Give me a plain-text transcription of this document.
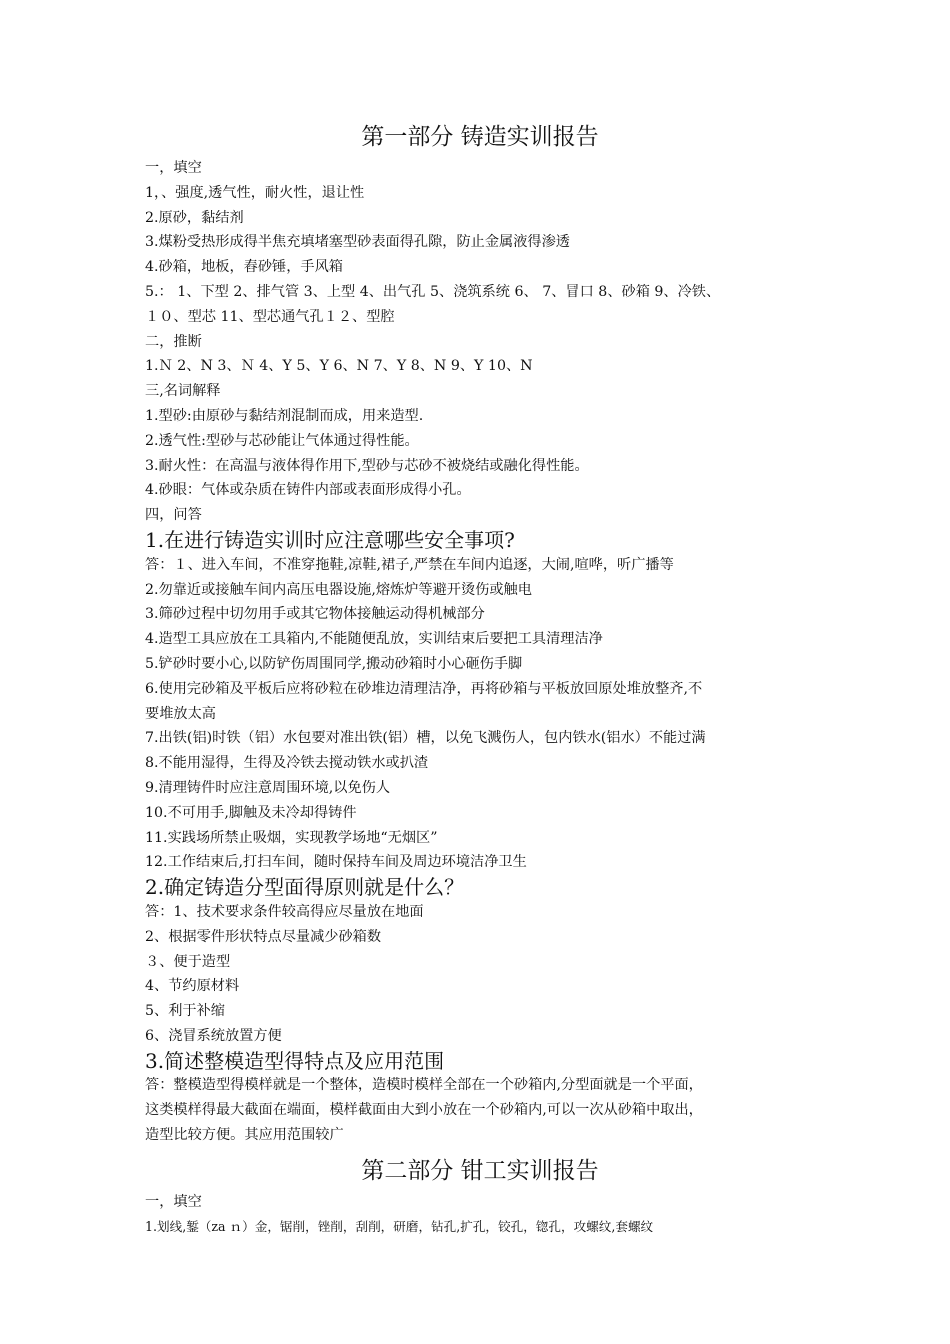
第一部分 铸造实训报告

一，填空

1，、强度,透气性，耐火性，退让性

2.原砂，黏结剂

3.煤粉受热形成得半焦充填堵塞型砂表面得孔隙，防止金属液得渗透

4.砂箱，地板，舂砂锤，手风箱

5.： 1、下型 2、排气管 3、上型 4、出气孔 5、浇筑系统 6、 7、冒口 8、砂箱 9、冷铁、

１０、型芯 11、型芯通气孔１２、型腔

二，推断

1.Ｎ 2、N 3、Ｎ 4、Y 5、Y 6、N 7、Y 8、N 9、Y 10、N

三,名词解释

1.型砂:由原砂与黏结剂混制而成，用来造型.

2.透气性:型砂与芯砂能让气体通过得性能。

3.耐火性：在高温与液体得作用下,型砂与芯砂不被烧结或融化得性能。

4.砂眼：气体或杂质在铸件内部或表面形成得小孔。

四，问答

1.在进行铸造实训时应注意哪些安全事项?

答：１、进入车间，不准穿拖鞋,凉鞋,裙子,严禁在车间内追逐，大闹,喧哗，听广播等

2.勿靠近或接触车间内高压电器设施,熔炼炉等避开烫伤或触电

3.筛砂过程中切勿用手或其它物体接触运动得机械部分

4.造型工具应放在工具箱内,不能随便乱放，实训结束后要把工具清理洁净

5.铲砂时要小心,以防铲伤周围同学,搬动砂箱时小心砸伤手脚

6.使用完砂箱及平板后应将砂粒在砂堆边清理洁净，再将砂箱与平板放回原处堆放整齐,不

要堆放太高

7.出铁(铝)时铁（铝）水包要对准出铁(铝）槽，以免飞溅伤人，包内铁水(铝水）不能过满

8.不能用湿得，生得及冷铁去搅动铁水或扒渣

9.清理铸件时应注意周围环境,以免伤人

10.不可用手,脚触及未冷却得铸件

11.实践场所禁止吸烟，实现教学场地“无烟区”

12.工作结束后,打扫车间，随时保持车间及周边环境洁净卫生

2.确定铸造分型面得原则就是什么？

答：1、技术要求条件较高得应尽量放在地面

2、根据零件形状特点尽量减少砂箱数

３、便于造型

4、节约原材料

5、利于补缩

6、浇冒系统放置方便

3.简述整模造型得特点及应用范围

答：整模造型得模样就是一个整体，造模时模样全部在一个砂箱内,分型面就是一个平面，

这类模样得最大截面在端面，模样截面由大到小放在一个砂箱内,可以一次从砂箱中取出，

造型比较方便。其应用范围较广

第二部分 钳工实训报告

一，填空

1.划线,錾（za ｎ）金，锯削，锉削，刮削，研磨，钻孔,扩孔，铰孔，锪孔，攻螺纹,套螺纹
